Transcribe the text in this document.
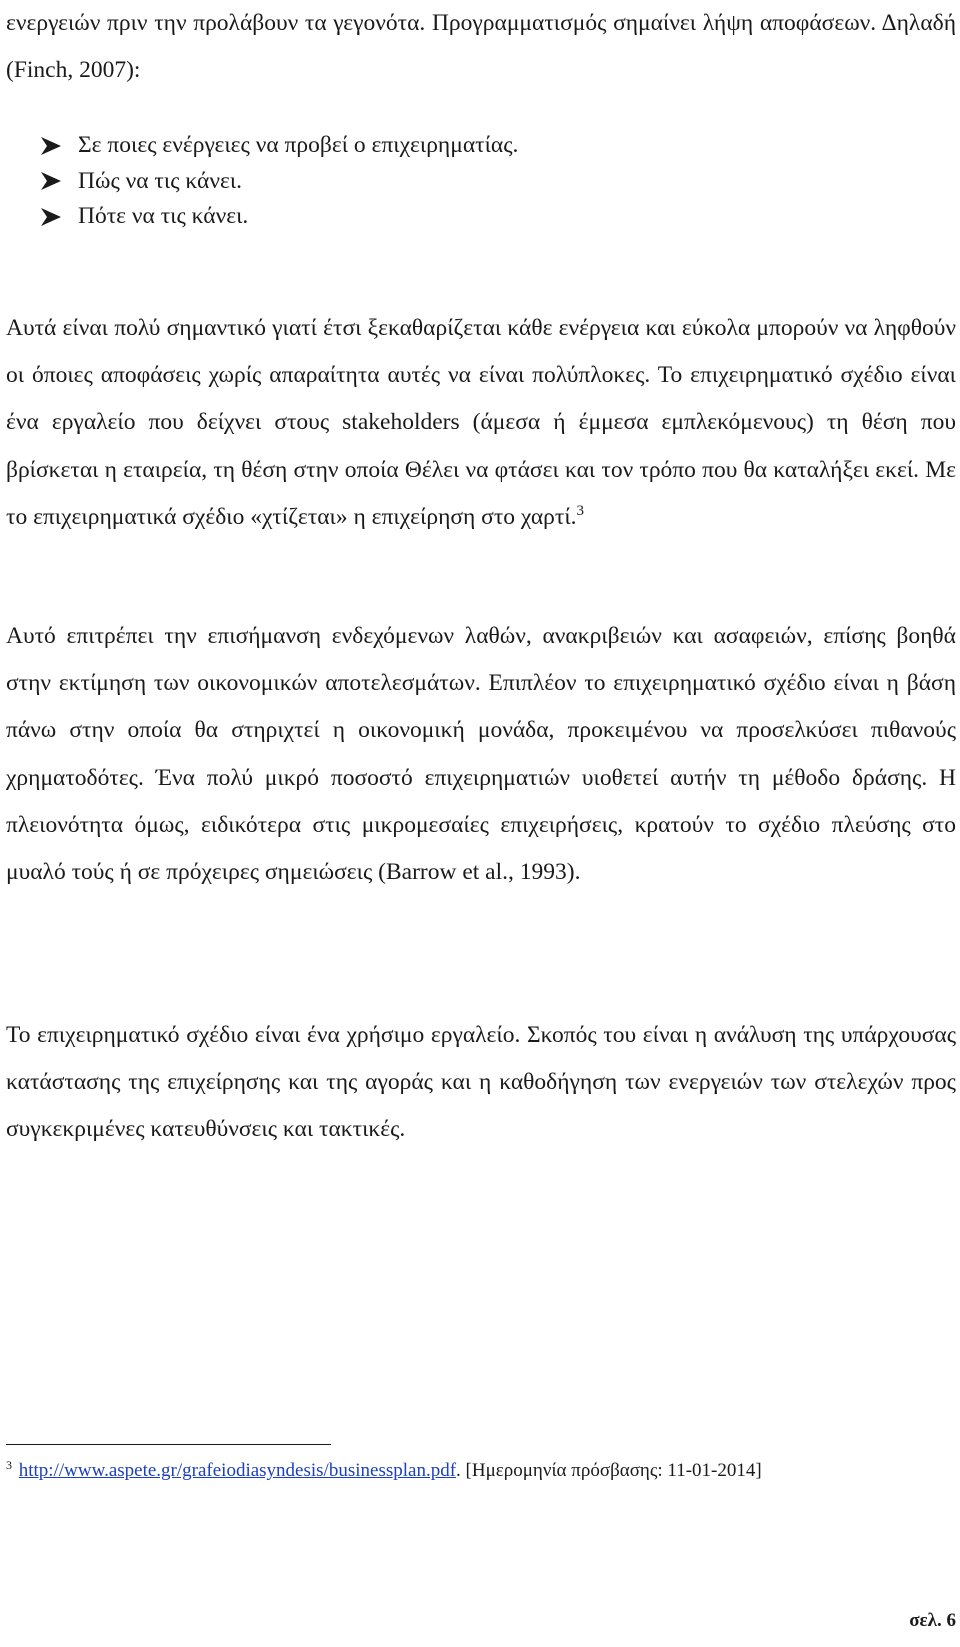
ενεργειών πριν την προλάβουν τα γεγονότα. Προγραμματισμός σημαίνει λήψη αποφάσεων. Δηλαδή (Finch, 2007):

Σε ποιες ενέργειες να προβεί ο επιχειρηματίας.
Πώς να τις κάνει.
Πότε να τις κάνει.

Αυτά είναι πολύ σημαντικό γιατί έτσι ξεκαθαρίζεται κάθε ενέργεια και εύκολα μπορούν να ληφθούν οι όποιες αποφάσεις χωρίς απαραίτητα αυτές να είναι πολύπλοκες. Το επιχειρηματικό σχέδιο είναι ένα εργαλείο που δείχνει στους stakeholders (άμεσα ή έμμεσα εμπλεκόμενους) τη θέση που βρίσκεται η εταιρεία, τη θέση στην οποία Θέλει να φτάσει και τον τρόπο που θα καταλήξει εκεί. Με το επιχειρηματικά σχέδιο «χτίζεται» η επιχείρηση στο χαρτί.$^3$

Αυτό επιτρέπει την επισήμανση ενδεχόμενων λαθών, ανακριβειών και ασαφειών, επίσης βοηθά στην εκτίμηση των οικονομικών αποτελεσμάτων. Επιπλέον το επιχειρηματικό σχέδιο είναι η βάση πάνω στην οποία θα στηριχτεί η οικονομική μονάδα, προκειμένου να προσελκύσει πιθανούς χρηματοδότες. Ένα πολύ μικρό ποσοστό επιχειρηματιών υιοθετεί αυτήν τη μέθοδο δράσης. Η πλειονότητα όμως, ειδικότερα στις μικρομεσαίες επιχειρήσεις, κρατούν το σχέδιο πλεύσης στο μυαλό τούς ή σε πρόχειρες σημειώσεις (Barrow et al., 1993).

Το επιχειρηματικό σχέδιο είναι ένα χρήσιμο εργαλείο. Σκοπός του είναι η ανάλυση της υπάρχουσας κατάστασης της επιχείρησης και της αγοράς και η καθοδήγηση των ενεργειών των στελεχών προς συγκεκριμένες κατευθύνσεις και τακτικές.

$^3$ http://www.aspete.gr/grafeiodiasyndesis/businessplan.pdf. [Ημερομηνία πρόσβασης: 11-01-2014]
σελ. 6
